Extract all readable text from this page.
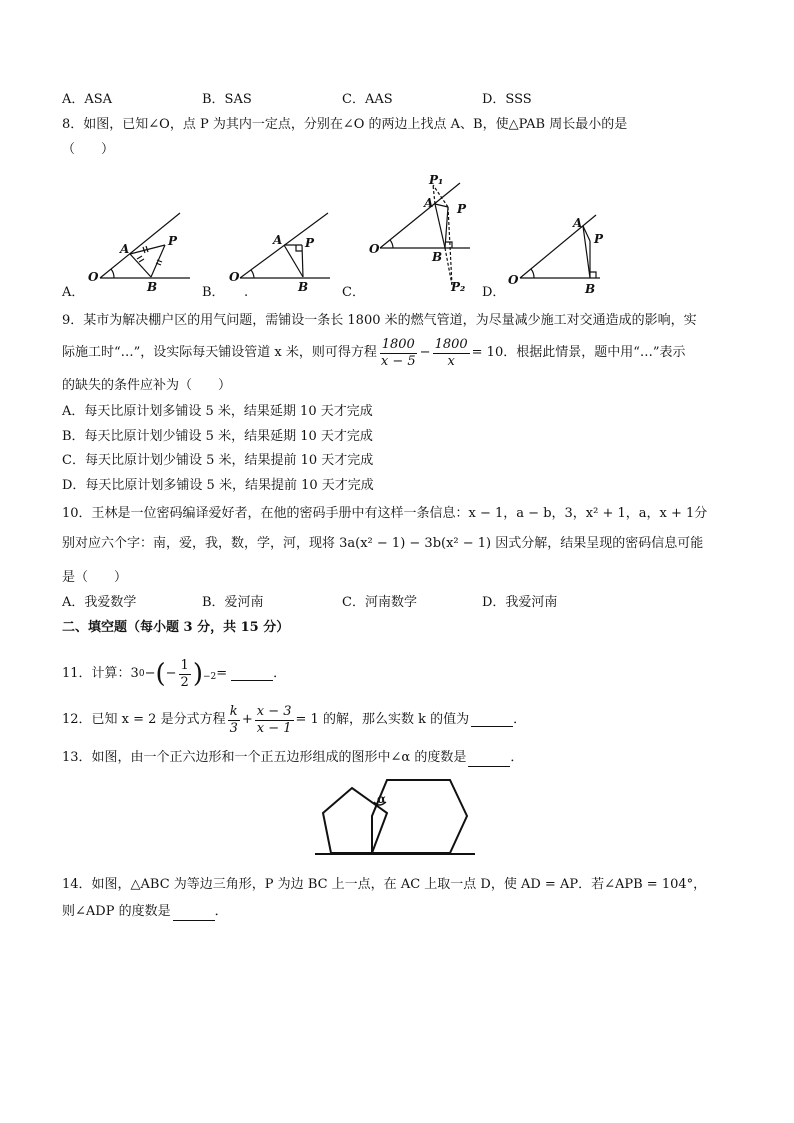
A．ASA	B．SAS	C．AAS	D．SSS
8．如图，已知∠O，点 P 为其内一定点，分别在∠O 的两边上找点 A、B，使△PAB 周长最小的是
（　　）
O
A
P
B
O
A P
B
O
A P
B
P₁
P₂	O
A
P
B
A．	B． .	C．	D．
9．某市为解决棚户区的用气问题，需铺设一条长 1800 米的燃气管道，为尽量减少施工对交通造成的影响，实
际施工时“…”，设实际每天铺设管道 x 米，则可得方程 $\frac{1800}{x - 5} - \frac{1800}{x} = 10$ ．根据此情景，题中用“…”表示
的缺失的条件应补为（　　）
A．每天比原计划多铺设 5 米，结果延期 10 天才完成
B．每天比原计划少铺设 5 米，结果延期 10 天才完成
C．每天比原计划少铺设 5 米，结果提前 10 天才完成
D．每天比原计划多铺设 5 米，结果提前 10 天才完成
10．王林是一位密码编译爱好者，在他的密码手册中有这样一条信息：x − 1，a − b，3，x² + 1，a，x + 1分
别对应六个字：南，爱，我，数，学，河，现将 3a(x² − 1) − 3b(x² − 1) 因式分解，结果呈现的密码信息可能
是（　　）
A．我爱数学	B．爱河南	C．河南数学	D．我爱河南
二、填空题（每小题 3 分，共 15 分）
11．计算：3 0 − ( − $\frac{1}{2} )_{-2}$ =	．
12．已知 x = 2 是分式方程 $\frac{k}{3} + \frac{x - 3}{x - 1} = 1$ 的解，那么实数 k 的值为	．
13．如图，由一个正六边形和一个正五边形组成的图形中∠α 的度数是	．
α
14．如图，△ABC 为等边三角形，P 为边 BC 上一点，在 AC 上取一点 D，使 AD = AP．若∠APB = 104°，
则∠ADP 的度数是	．
